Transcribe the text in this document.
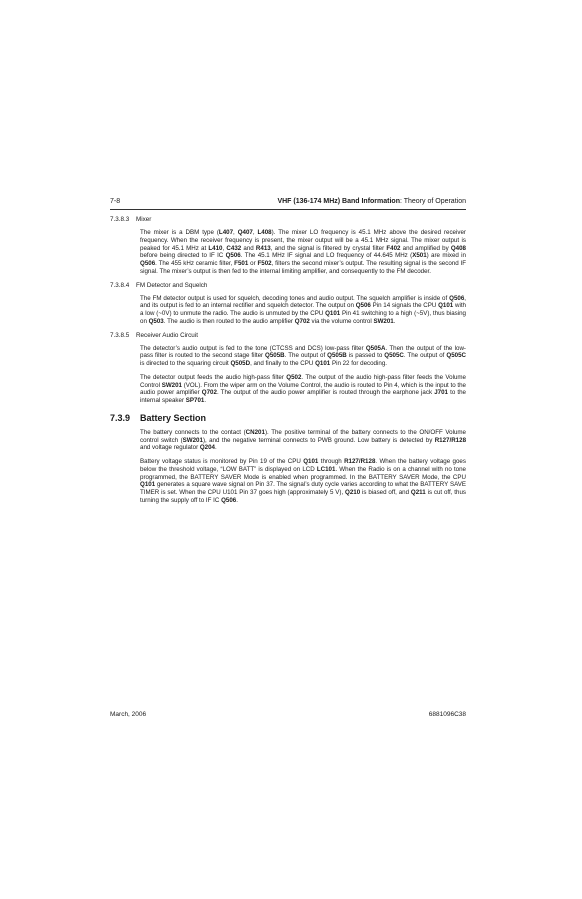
7-8	VHF (136-174 MHz) Band Information: Theory of Operation
7.3.8.3 Mixer

The mixer is a DBM type (L407, Q407, L408). The mixer LO frequency is 45.1 MHz above the desired receiver frequency. When the receiver frequency is present, the mixer output will be a 45.1 MHz signal. The mixer output is peaked for 45.1 MHz at L410, C432 and R413, and the signal is filtered by crystal filter F402 and amplified by Q408 before being directed to IF IC Q506. The 45.1 MHz IF signal and LO frequency of 44.645 MHz (X501) are mixed in Q506. The 455 kHz ceramic filter, F501 or F502, filters the second mixer’s output. The resulting signal is the second IF signal. The mixer’s output is then fed to the internal limiting amplifier, and consequently to the FM decoder.

7.3.8.4 FM Detector and Squelch

The FM detector output is used for squelch, decoding tones and audio output. The squelch amplifier is inside of Q506, and its output is fed to an internal rectifier and squelch detector. The output on Q506 Pin 14 signals the CPU Q101 with a low (~0V) to unmute the radio. The audio is unmuted by the CPU Q101 Pin 41 switching to a high (~5V), thus biasing on Q503. The audio is then routed to the audio amplifier Q702 via the volume control SW201.

7.3.8.5 Receiver Audio Circuit

The detector’s audio output is fed to the tone (CTCSS and DCS) low-pass filter Q505A. Then the output of the low-pass filter is routed to the second stage filter Q505B. The output of Q505B is passed to Q505C. The output of Q505C is directed to the squaring circuit Q505D, and finally to the CPU Q101 Pin 22 for decoding.

The detector output feeds the audio high-pass filter Q502. The output of the audio high-pass filter feeds the Volume Control SW201 (VOL). From the wiper arm on the Volume Control, the audio is routed to Pin 4, which is the input to the audio power amplifier Q702. The output of the audio power amplifier is routed through the earphone jack J701 to the internal speaker SP701.

7.3.9 Battery Section

The battery connects to the contact (CN201). The positive terminal of the battery connects to the ON/OFF Volume control switch (SW201), and the negative terminal connects to PWB ground. Low battery is detected by R127/R128 and voltage regulator Q204.

Battery voltage status is monitored by Pin 19 of the CPU Q101 through R127/R128. When the battery voltage goes below the threshold voltage, “LOW BATT” is displayed on LCD LC101. When the Radio is on a channel with no tone programmed, the BATTERY SAVER Mode is enabled when programmed. In the BATTERY SAVER Mode, the CPU Q101 generates a square wave signal on Pin 37. The signal’s duty cycle varies according to what the BATTERY SAVE TIMER is set. When the CPU U101 Pin 37 goes high (approximately 5 V), Q210 is biased off, and Q211 is cut off, thus turning the supply off to IF IC Q506.

March, 2006	6881096C38
